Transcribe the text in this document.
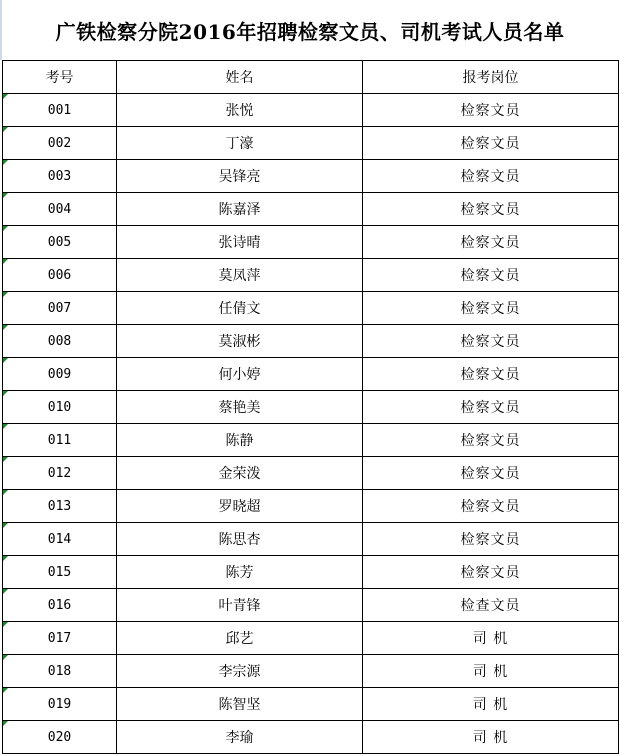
广铁检察分院2016年招聘检察文员、司机考试人员名单
考号	姓名	报考岗位

001	张悦	检察文员

002	丁濠	检察文员

003	吴锋亮	检察文员

004	陈嘉泽	检察文员

005	张诗晴	检察文员

006	莫凤萍	检察文员

007	任倩文	检察文员

008	莫淑彬	检察文员

009	何小婷	检察文员

010	蔡艳美	检察文员

011	陈静	检察文员

012	金荣泼	检察文员

013	罗晓超	检察文员

014	陈思杏	检察文员

015	陈芳	检察文员

016	叶青锋	检查文员

017	邱艺	司 机

018	李宗源	司 机

019	陈智坚	司 机

020	李瑜	司 机
